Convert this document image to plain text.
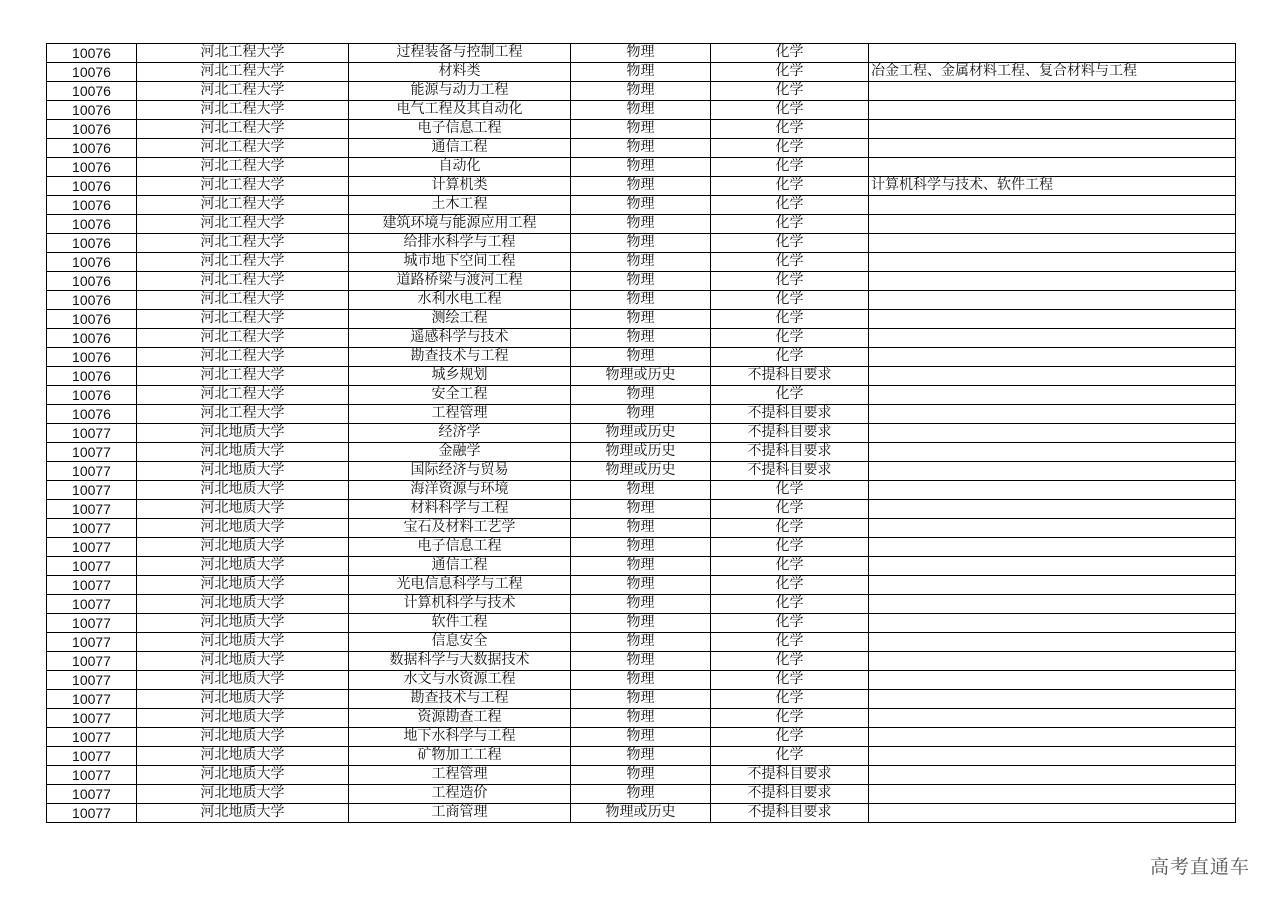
10076	河北工程大学	过程装备与控制工程	物理	化学	
10076	河北工程大学	材料类	物理	化学	冶金工程、金属材料工程、复合材料与工程
10076	河北工程大学	能源与动力工程	物理	化学	
10076	河北工程大学	电气工程及其自动化	物理	化学	
10076	河北工程大学	电子信息工程	物理	化学	
10076	河北工程大学	通信工程	物理	化学	
10076	河北工程大学	自动化	物理	化学	
10076	河北工程大学	计算机类	物理	化学	计算机科学与技术、软件工程
10076	河北工程大学	土木工程	物理	化学	
10076	河北工程大学	建筑环境与能源应用工程	物理	化学	
10076	河北工程大学	给排水科学与工程	物理	化学	
10076	河北工程大学	城市地下空间工程	物理	化学	
10076	河北工程大学	道路桥梁与渡河工程	物理	化学	
10076	河北工程大学	水利水电工程	物理	化学	
10076	河北工程大学	测绘工程	物理	化学	
10076	河北工程大学	遥感科学与技术	物理	化学	
10076	河北工程大学	勘查技术与工程	物理	化学	
10076	河北工程大学	城乡规划	物理或历史	不提科目要求	
10076	河北工程大学	安全工程	物理	化学	
10076	河北工程大学	工程管理	物理	不提科目要求	
10077	河北地质大学	经济学	物理或历史	不提科目要求	
10077	河北地质大学	金融学	物理或历史	不提科目要求	
10077	河北地质大学	国际经济与贸易	物理或历史	不提科目要求	
10077	河北地质大学	海洋资源与环境	物理	化学	
10077	河北地质大学	材料科学与工程	物理	化学	
10077	河北地质大学	宝石及材料工艺学	物理	化学	
10077	河北地质大学	电子信息工程	物理	化学	
10077	河北地质大学	通信工程	物理	化学	
10077	河北地质大学	光电信息科学与工程	物理	化学	
10077	河北地质大学	计算机科学与技术	物理	化学	
10077	河北地质大学	软件工程	物理	化学	
10077	河北地质大学	信息安全	物理	化学	
10077	河北地质大学	数据科学与大数据技术	物理	化学	
10077	河北地质大学	水文与水资源工程	物理	化学	
10077	河北地质大学	勘查技术与工程	物理	化学	
10077	河北地质大学	资源勘查工程	物理	化学	
10077	河北地质大学	地下水科学与工程	物理	化学	
10077	河北地质大学	矿物加工工程	物理	化学	
10077	河北地质大学	工程管理	物理	不提科目要求	
10077	河北地质大学	工程造价	物理	不提科目要求	
10077	河北地质大学	工商管理	物理或历史	不提科目要求	
高考直通车
